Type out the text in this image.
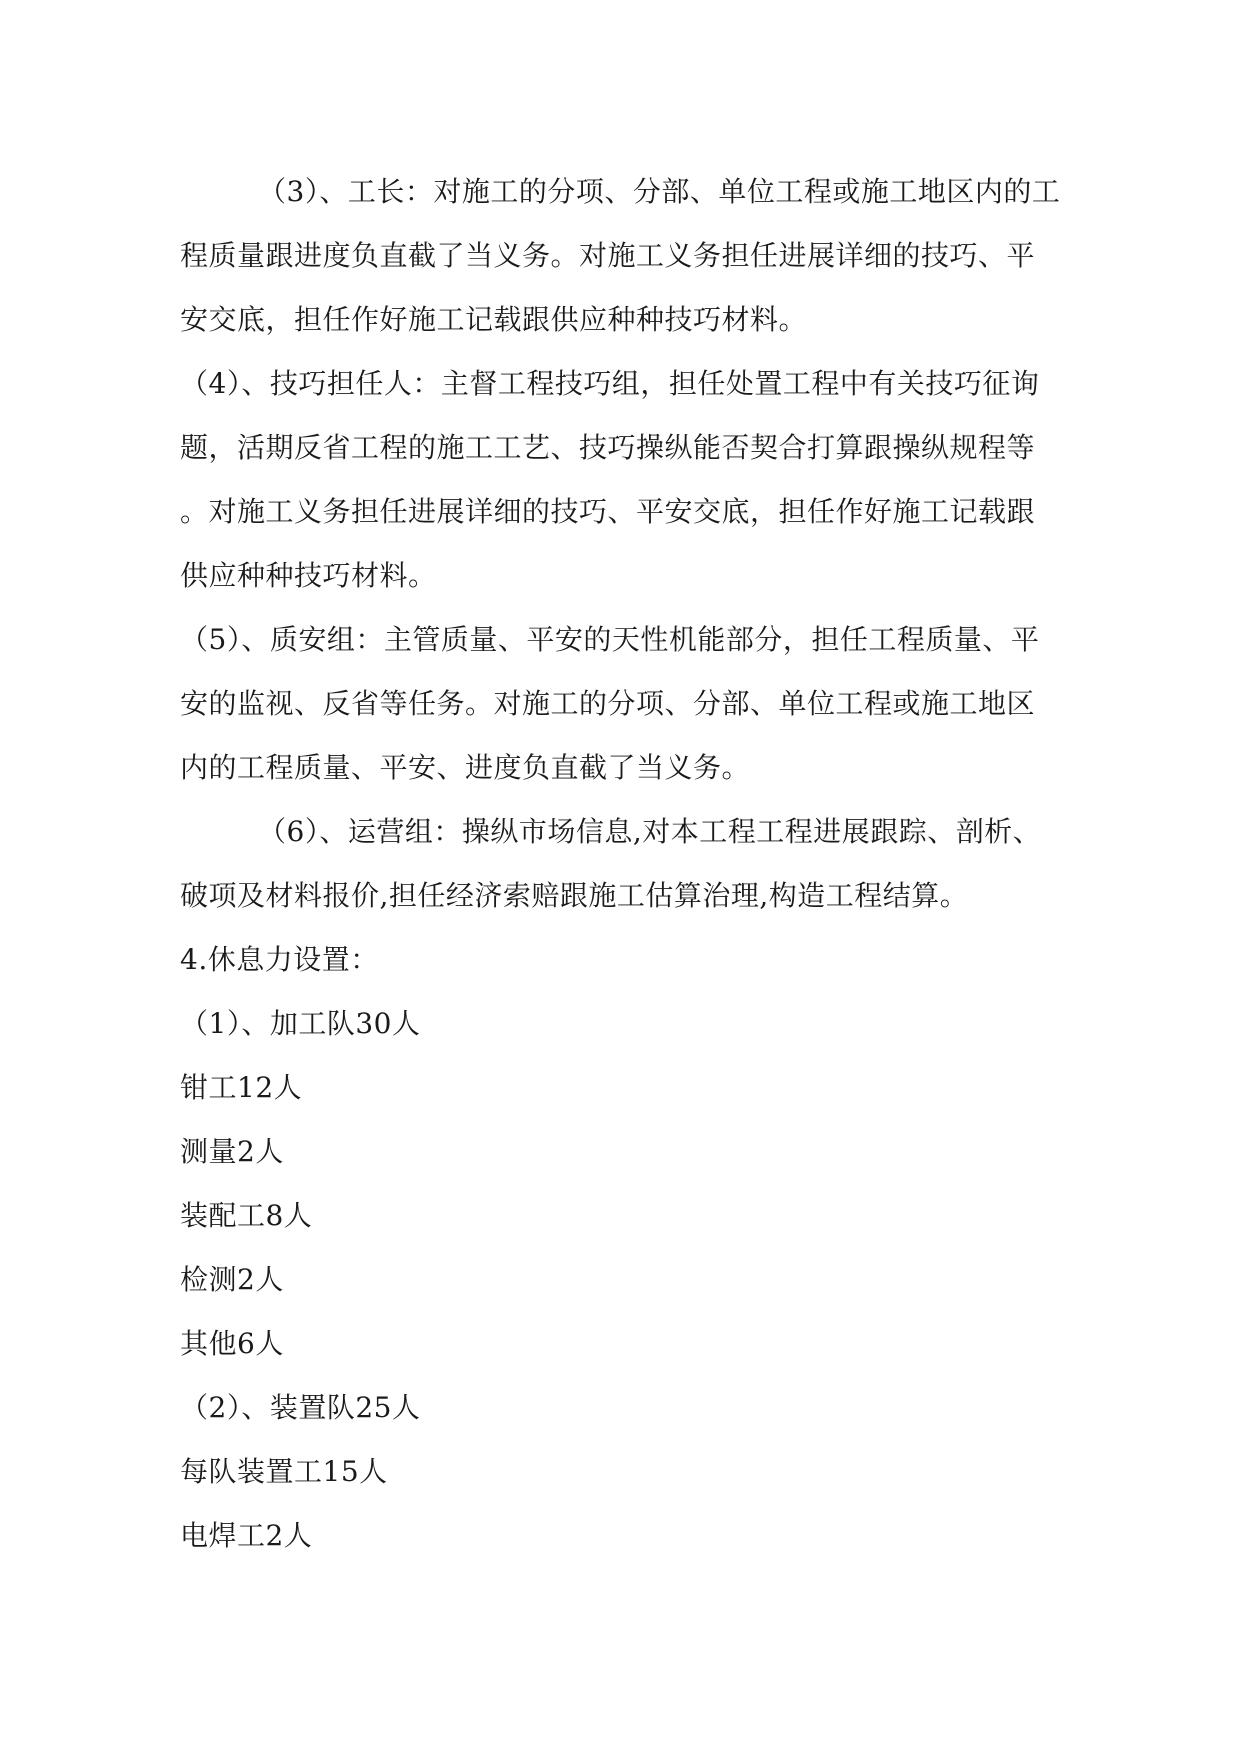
（3）、工长：对施工的分项、分部、单位工程或施工地区内的工
程质量跟进度负直截了当义务。对施工义务担任进展详细的技巧、平
安交底，担任作好施工记载跟供应种种技巧材料。
（4）、技巧担任人：主督工程技巧组，担任处置工程中有关技巧征询
题，活期反省工程的施工工艺、技巧操纵能否契合打算跟操纵规程等
。对施工义务担任进展详细的技巧、平安交底，担任作好施工记载跟
供应种种技巧材料。
（5）、质安组：主管质量、平安的天性机能部分，担任工程质量、平
安的监视、反省等任务。对施工的分项、分部、单位工程或施工地区
内的工程质量、平安、进度负直截了当义务。
（6）、运营组：操纵市场信息,对本工程工程进展跟踪、剖析、
破项及材料报价,担任经济索赔跟施工估算治理,构造工程结算。
4.休息力设置：
（1）、加工队30人
钳工12人
测量2人
装配工8人
检测2人
其他6人
（2）、装置队25人
每队装置工15人
电焊工2人
